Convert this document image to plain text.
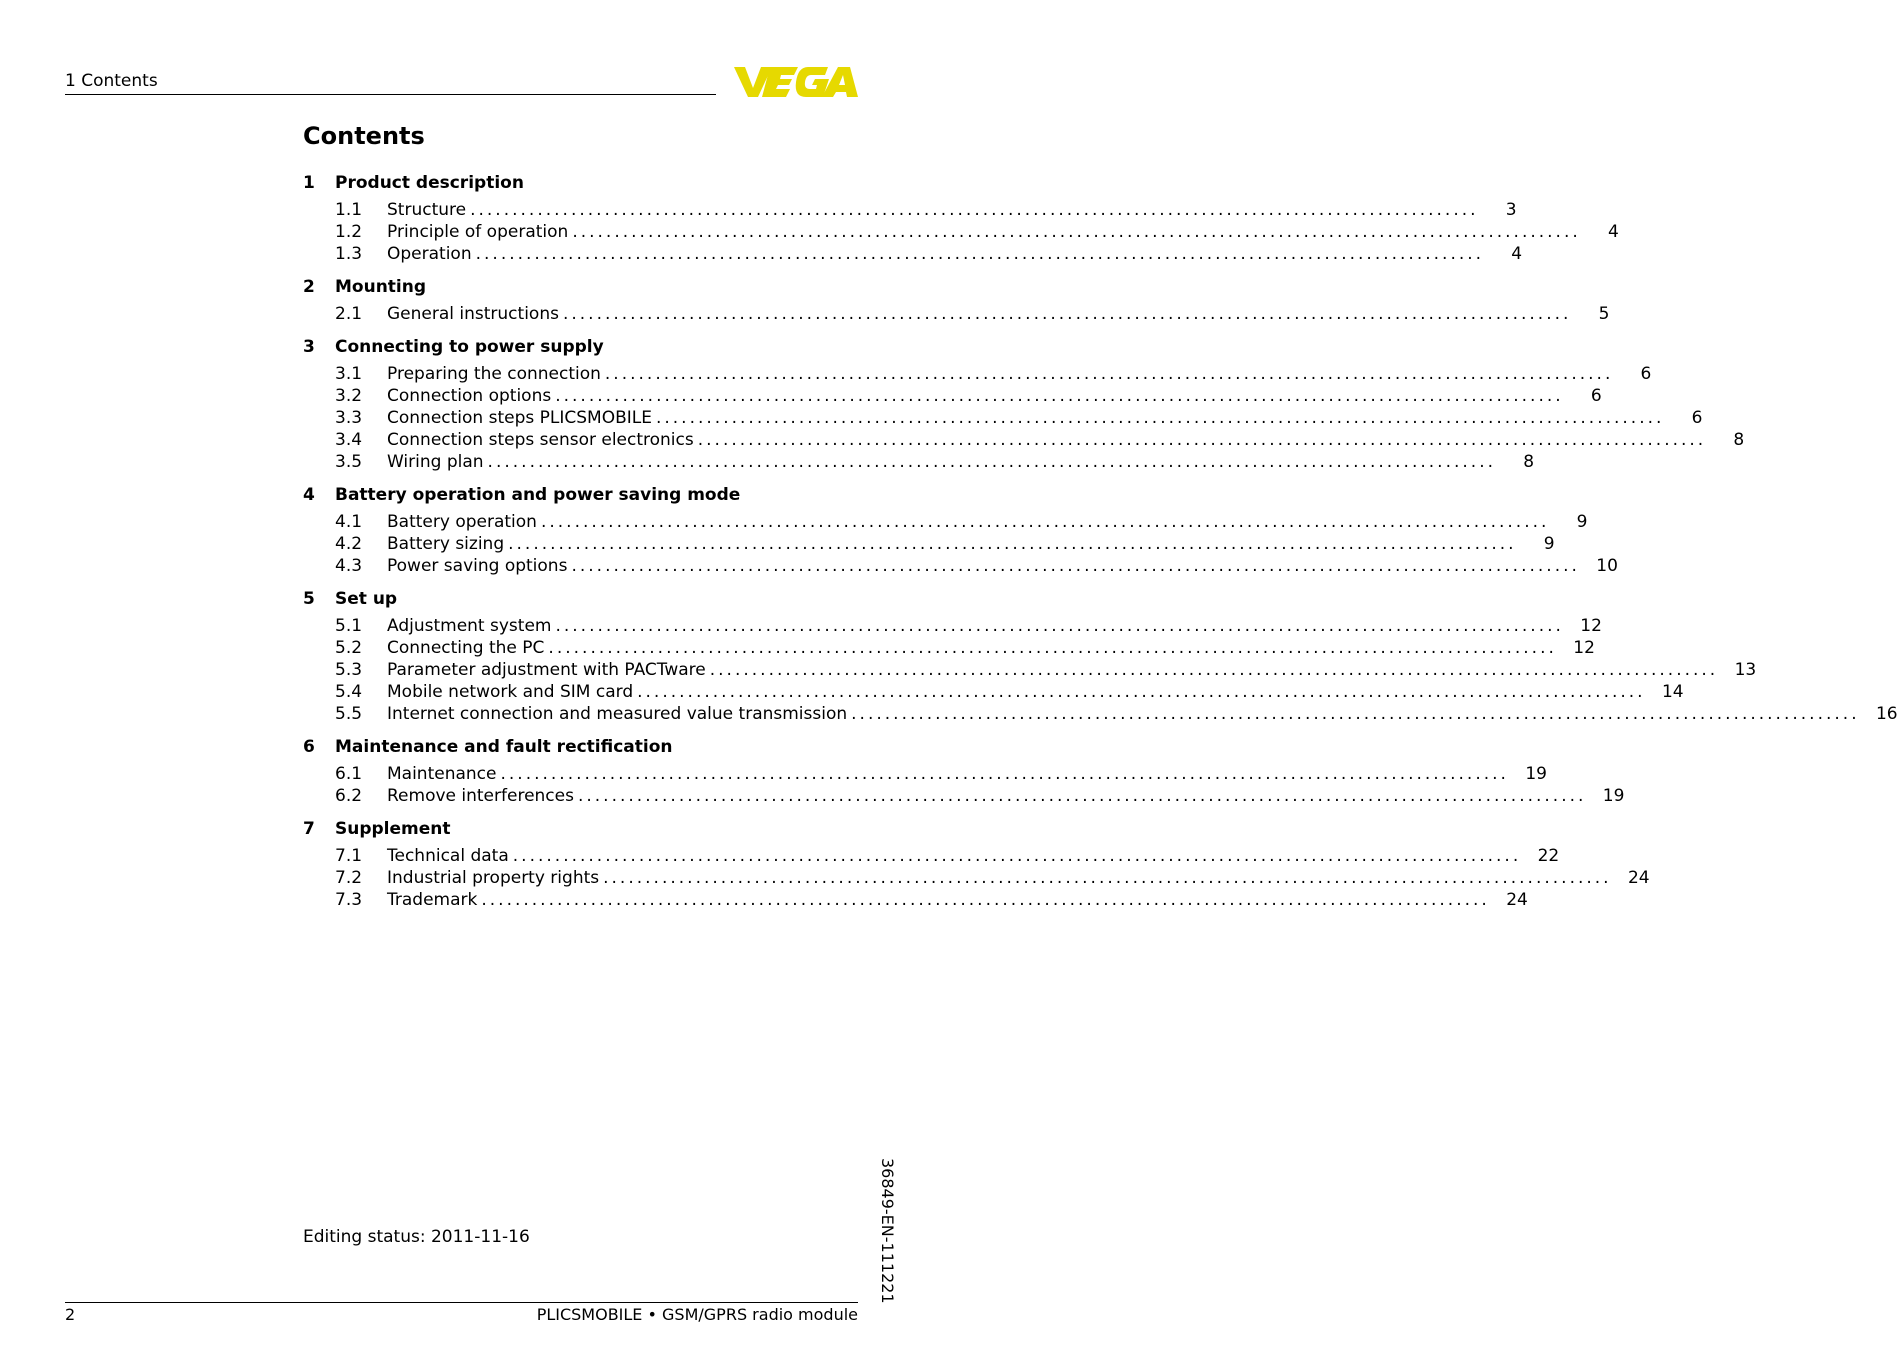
1 Contents
Contents
1	Product description
1.1	Structure ........................................................................................................................	3
1.2	Principle of operation ........................................................................................................................	4
1.3	Operation ........................................................................................................................	4
2	Mounting
2.1	General instructions ........................................................................................................................	5
3	Connecting to power supply
3.1	Preparing the connection ........................................................................................................................	6
3.2	Connection options ........................................................................................................................	6
3.3	Connection steps PLICSMOBILE ........................................................................................................................	6
3.4	Connection steps sensor electronics ........................................................................................................................	8
3.5	Wiring plan ........................................................................................................................	8
4	Battery operation and power saving mode
4.1	Battery operation ........................................................................................................................	9
4.2	Battery sizing ........................................................................................................................	9
4.3	Power saving options ........................................................................................................................ 10
5	Set up
5.1	Adjustment system ........................................................................................................................ 12
5.2	Connecting the PC ........................................................................................................................ 12
5.3	Parameter adjustment with PACTware ........................................................................................................................ 13
5.4	Mobile network and SIM card ........................................................................................................................ 14
5.5	Internet connection and measured value transmission ........................................................................................................................ 16
6	Maintenance and fault rectification
6.1	Maintenance ........................................................................................................................ 19
6.2	Remove interferences ........................................................................................................................ 19
7	Supplement
7.1	Technical data ........................................................................................................................ 22
7.2	Industrial property rights ........................................................................................................................ 24
7.3	Trademark ........................................................................................................................ 24
Editing status: 2011-11-16	36849-EN-111221
2	PLICSMOBILE • GSM/GPRS radio module
